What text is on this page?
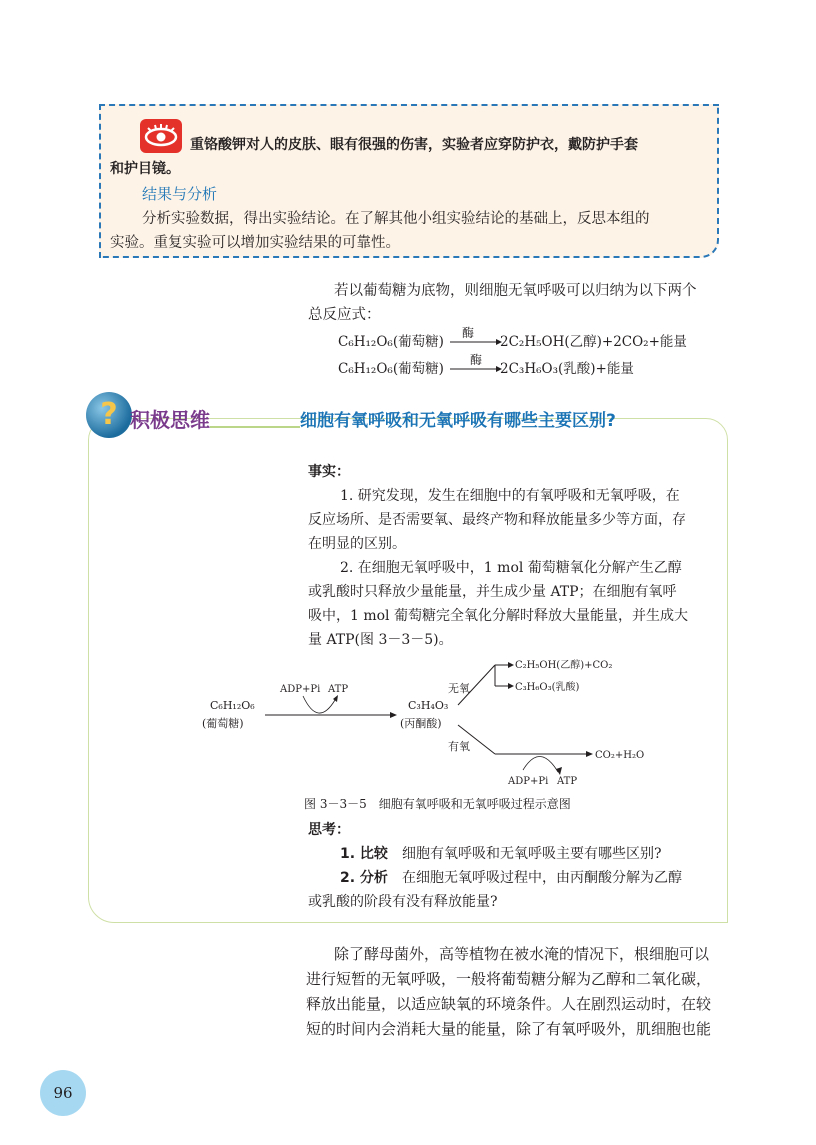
重铬酸钾对人的皮肤、眼有很强的伤害，实验者应穿防护衣，戴防护手套
和护目镜。
结果与分析
分析实验数据，得出实验结论。在了解其他小组实验结论的基础上，反思本组的
实验。重复实验可以增加实验结果的可靠性。
若以葡萄糖为底物，则细胞无氧呼吸可以归纳为以下两个
总反应式：
C₆H₁₂O₆(葡萄糖)
酶
2C₂H₅OH(乙醇)+2CO₂+能量
C₆H₁₂O₆(葡萄糖)
酶
2C₃H₆O₃(乳酸)+能量
? 积极思维	细胞有氧呼吸和无氧呼吸有哪些主要区别?
事实：
1. 研究发现，发生在细胞中的有氧呼吸和无氧呼吸，在
反应场所、是否需要氧、最终产物和释放能量多少等方面，存
在明显的区别。
2. 在细胞无氧呼吸中，1 mol 葡萄糖氧化分解产生乙醇
或乳酸时只释放少量能量，并生成少量 ATP；在细胞有氧呼
吸中，1 mol 葡萄糖完全氧化分解时释放大量能量，并生成大
量 ATP(图 3－3－5)。
C₆H₁₂O₆
(葡萄糖)
ADP+Pi ATP
C₃H₄O₃
(丙酮酸)
无氧
有氧
C₂H₅OH(乙醇)+CO₂
C₃H₆O₃(乳酸)
CO₂+H₂O
ADP+Pi ATP
图 3－3－5　细胞有氧呼吸和无氧呼吸过程示意图
思考：
1. 比较 细胞有氧呼吸和无氧呼吸主要有哪些区别?
2. 分析 在细胞无氧呼吸过程中，由丙酮酸分解为乙醇
或乳酸的阶段有没有释放能量?
除了酵母菌外，高等植物在被水淹的情况下，根细胞可以
进行短暂的无氧呼吸，一般将葡萄糖分解为乙醇和二氧化碳，
释放出能量，以适应缺氧的环境条件。人在剧烈运动时，在较
短的时间内会消耗大量的能量，除了有氧呼吸外，肌细胞也能
96
